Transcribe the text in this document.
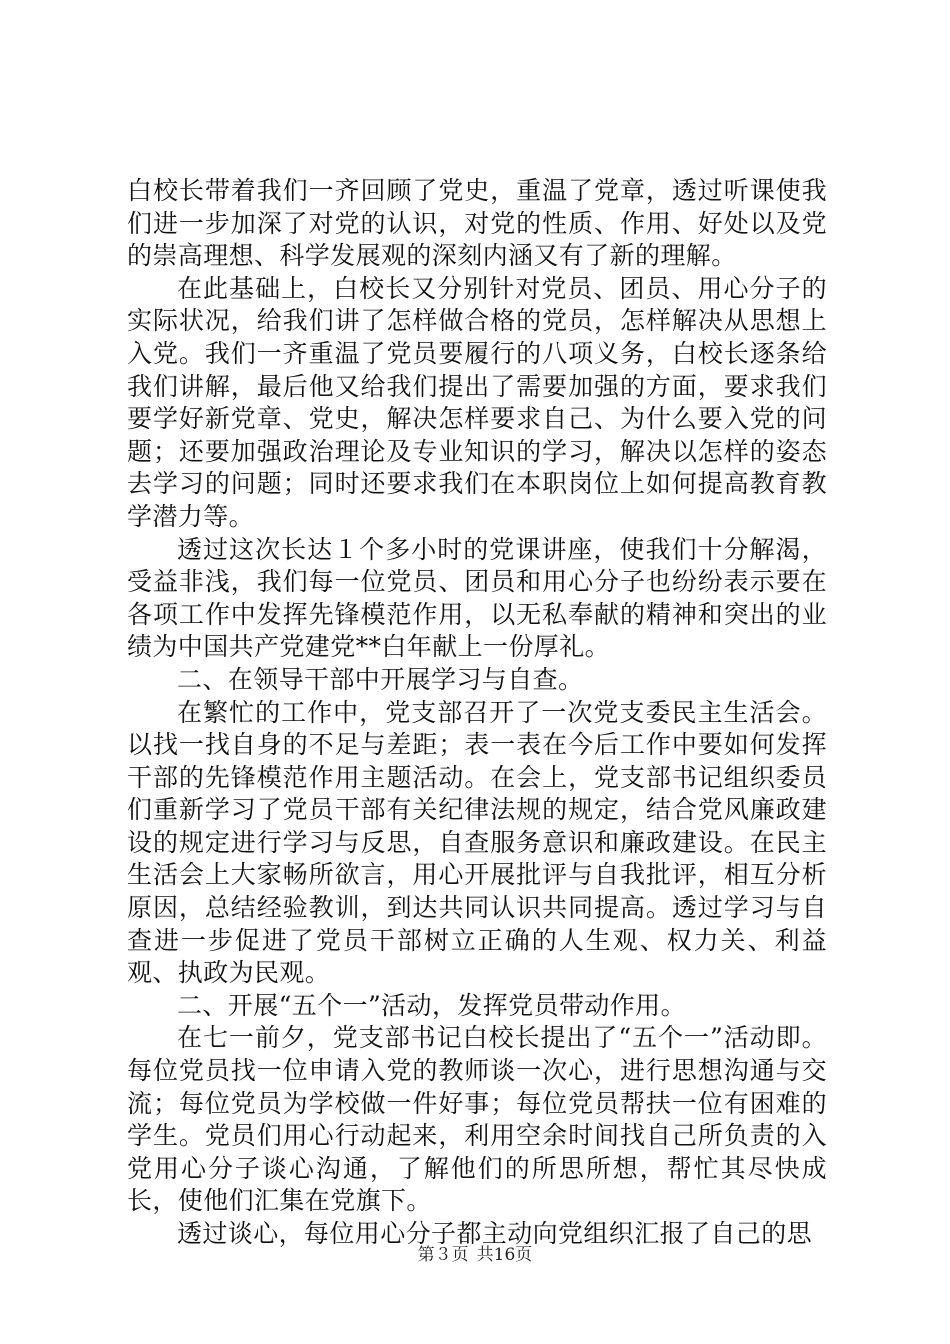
白校长带着我们一齐回顾了党史，重温了党章，透过听课使我们进一步加深了对党的认识，对党的性质、作用、好处以及党的崇高理想、科学发展观的深刻内涵又有了新的理解。

在此基础上，白校长又分别针对党员、团员、用心分子的实际状况，给我们讲了怎样做合格的党员，怎样解决从思想上入党。我们一齐重温了党员要履行的八项义务，白校长逐条给我们讲解，最后他又给我们提出了需要加强的方面，要求我们要学好新党章、党史，解决怎样要求自己、为什么要入党的问题；还要加强政治理论及专业知识的学习，解决以怎样的姿态去学习的问题；同时还要求我们在本职岗位上如何提高教育教学潜力等。

透过这次长达１个多小时的党课讲座，使我们十分解渴，受益非浅，我们每一位党员、团员和用心分子也纷纷表示要在各项工作中发挥先锋模范作用，以无私奉献的精神和突出的业绩为中国共产党建党**白年献上一份厚礼。

二、在领导干部中开展学习与自查。

在繁忙的工作中，党支部召开了一次党支委民主生活会。以找一找自身的不足与差距；表一表在今后工作中要如何发挥干部的先锋模范作用主题活动。在会上，党支部书记组织委员们重新学习了党员干部有关纪律法规的规定，结合党风廉政建设的规定进行学习与反思，自查服务意识和廉政建设。在民主生活会上大家畅所欲言，用心开展批评与自我批评，相互分析原因，总结经验教训，到达共同认识共同提高。透过学习与自查进一步促进了党员干部树立正确的人生观、权力关、利益观、执政为民观。

二、开展“五个一”活动，发挥党员带动作用。

在七一前夕，党支部书记白校长提出了“五个一”活动即。每位党员找一位申请入党的教师谈一次心，进行思想沟通与交流；每位党员为学校做一件好事；每位党员帮扶一位有困难的学生。党员们用心行动起来，利用空余时间找自己所负责的入党用心分子谈心沟通，了解他们的所思所想，帮忙其尽快成长，使他们汇集在党旗下。

透过谈心，每位用心分子都主动向党组织汇报了自己的思

第３页 共16页
